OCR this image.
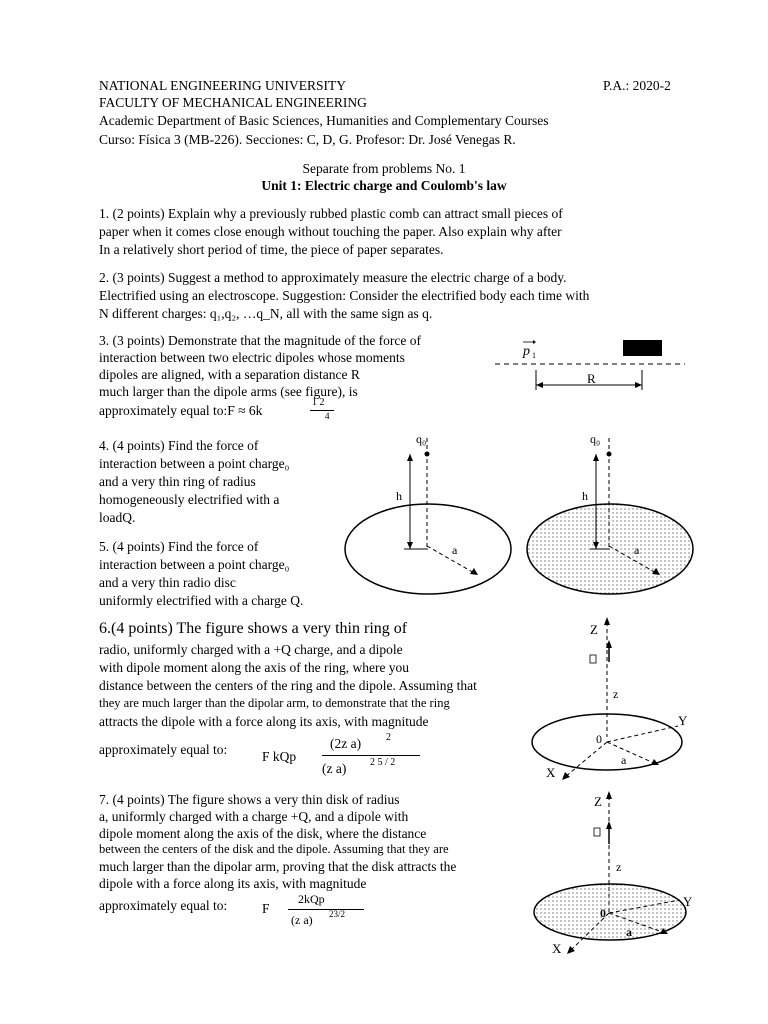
NATIONAL ENGINEERING UNIVERSITY	P.A.: 2020-2
FACULTY OF MECHANICAL ENGINEERING
Academic Department of Basic Sciences, Humanities and Complementary Courses
Curso: Física 3 (MB-226). Secciones: C, D, G. Profesor: Dr. José Venegas R.
Separate from problems No. 1
Unit 1: Electric charge and Coulomb's law
1. (2 points) Explain why a previously rubbed plastic comb can attract small pieces of
paper when it comes close enough without touching the paper. Also explain why after
In a relatively short period of time, the piece of paper separates.
2. (3 points) Suggest a method to approximately measure the electric charge of a body.
Electrified using an electroscope. Suggestion: Consider the electrified body each time with
N different charges: q₁,q₂, …q_N, all with the same sign as q.
3. (3 points) Demonstrate that the magnitude of the force of
interaction between two electric dipoles whose moments
dipoles are aligned, with a separation distance R
much larger than the dipole arms (see figure), is
approximately equal to:F ≈ 6k
1 2
4
p 1
R
4. (4 points) Find the force of
interaction between a point charge₀
and a very thin ring of radius
homogeneously electrified with a
loadQ.
5. (4 points) Find the force of
interaction between a point charge₀
and a very thin radio disc
uniformly electrified with a charge Q.
q₀
h
a
q₀
h
a
6.(4 points) The figure shows a very thin ring of
radio, uniformly charged with a +Q charge, and a dipole
with dipole moment along the axis of the ring, where you
distance between the centers of the ring and the dipole. Assuming that
they are much larger than the dipolar arm, to demonstrate that the ring
attracts the dipole with a force along its axis, with magnitude
approximately equal to:	F kQp
(2z a) 2
(z a) 2 5 / 2
Z
z
0
Y
X
a
7. (4 points) The figure shows a very thin disk of radius
a, uniformly charged with a charge +Q, and a dipole with
dipole moment along the axis of the disk, where the distance
between the centers of the disk and the dipole. Assuming that they are
much larger than the dipolar arm, proving that the disk attracts the
dipole with a force along its axis, with magnitude
approximately equal to:	F
2kQp
(z a) 23/2
Z
z
0
Y
X
a
